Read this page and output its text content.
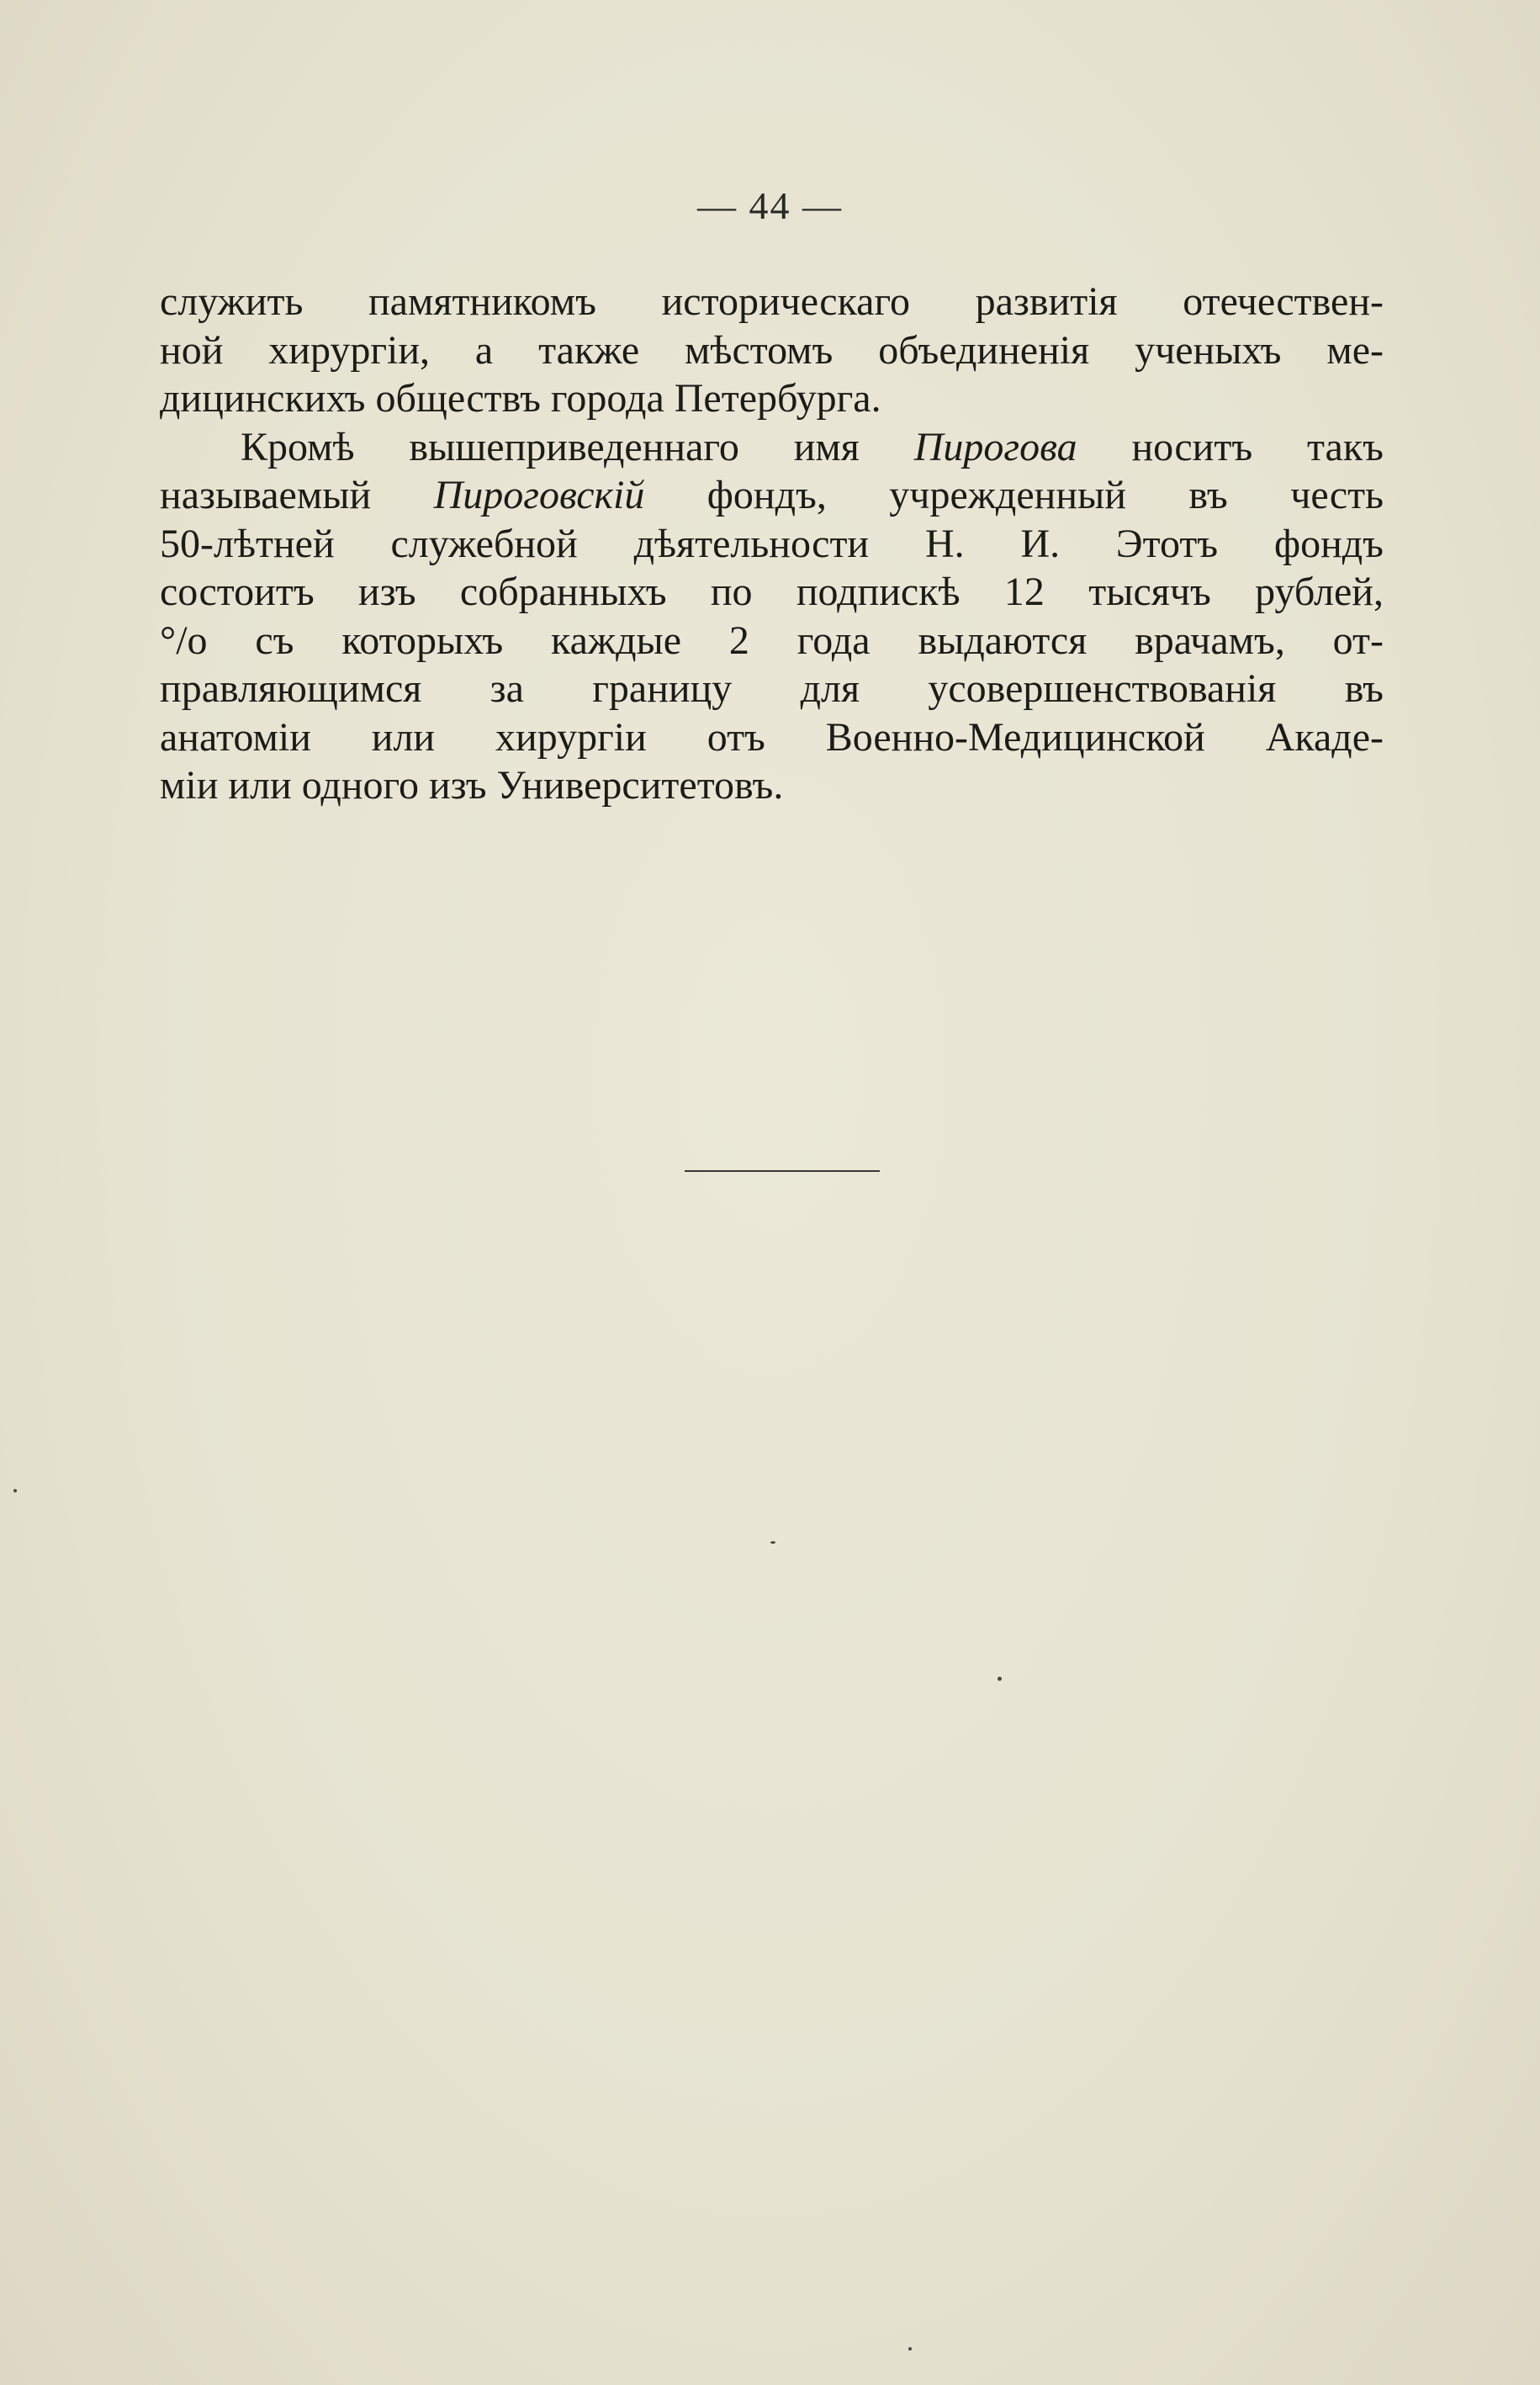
— 44 —
служить памятникомъ историческаго развитія отечествен-
ной хирургіи, а также мѣстомъ объединенія ученыхъ ме-
дицинскихъ обществъ города Петербурга.
Кромѣ вышеприведеннаго имя Пирогова носитъ такъ
называемый Пироговскій фондъ, учрежденный въ честь
50-лѣтней служебной дѣятельности Н. И. Этотъ фондъ
состоитъ изъ собранныхъ по подпискѣ 12 тысячъ рублей,
°/о съ которыхъ каждые 2 года выдаются врачамъ, от-
правляющимся за границу для усовершенствованія въ
анатоміи или хирургіи отъ Военно-Медицинской Акаде-
міи или одного изъ Университетовъ.
